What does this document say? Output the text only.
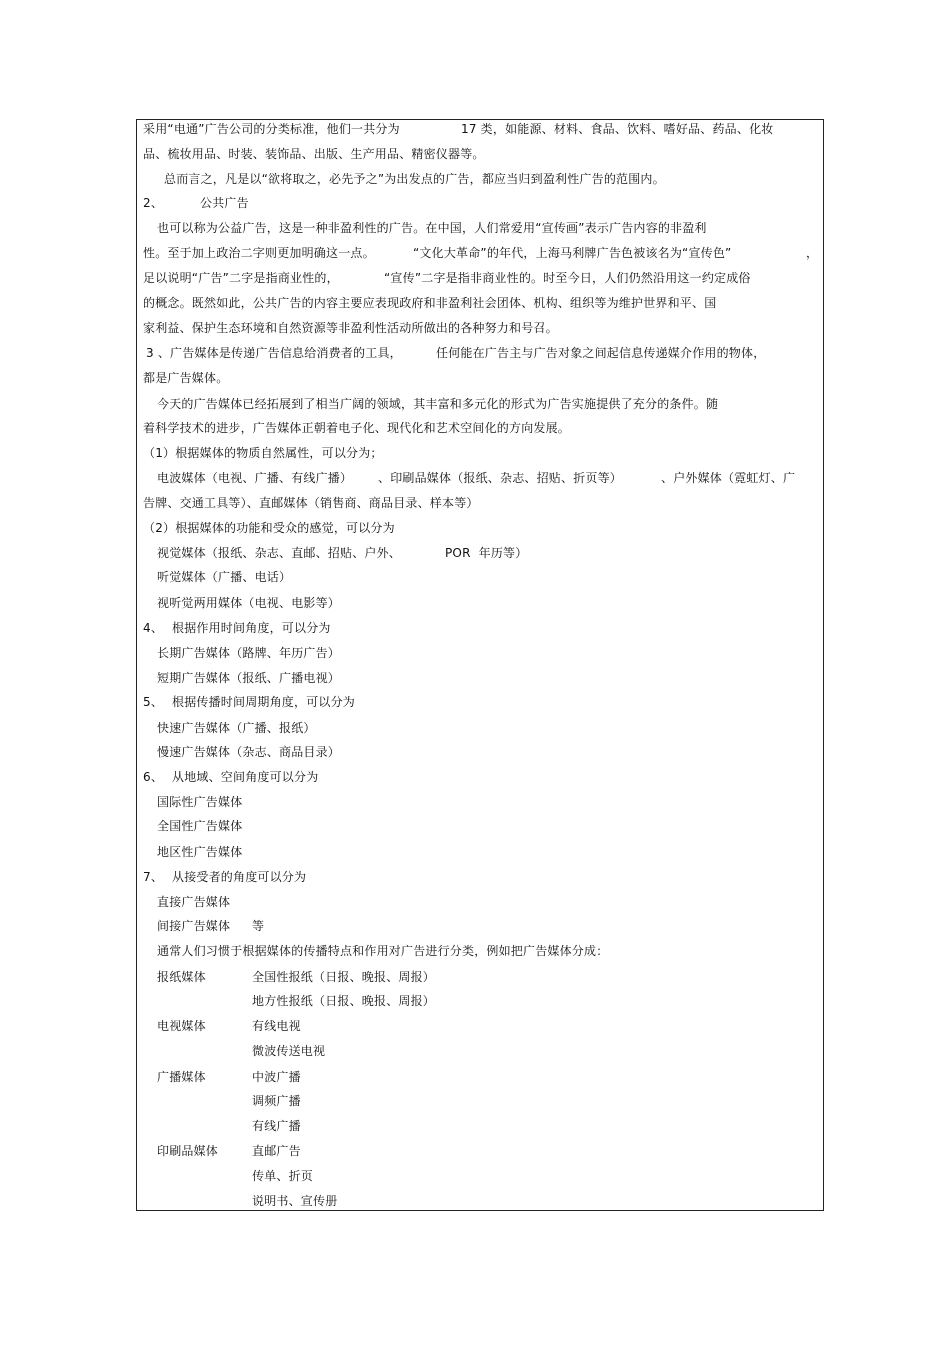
采用“电通”广告公司的分类标准，他们一共分为	17 类，如能源、材料、食品、饮料、嗜好品、药品、化妆
品、梳妆用品、时装、装饰品、出版、生产用品、精密仪器等。
总而言之，凡是以“欲将取之，必先予之”为出发点的广告，都应当归到盈利性广告的范围内。
2、	公共广告
也可以称为公益广告，这是一种非盈利性的广告。在中国，人们常爱用“宣传画”表示广告内容的非盈利
性。至于加上政治二字则更加明确这一点。	“文化大革命”的年代，上海马利牌广告色被该名为“宣传色”	，
足以说明“广告”二字是指商业性的，	“宣传”二字是指非商业性的。时至今日，人们仍然沿用这一约定成俗
的概念。既然如此，公共广告的内容主要应表现政府和非盈利社会团体、机构、组织等为维护世界和平、国
家利益、保护生态环境和自然资源等非盈利性活动所做出的各种努力和号召。
3 、广告媒体是传递广告信息给消费者的工具，	任何能在广告主与广告对象之间起信息传递媒介作用的物体，
都是广告媒体。
今天的广告媒体已经拓展到了相当广阔的领域，其丰富和多元化的形式为广告实施提供了充分的条件。随
着科学技术的进步，广告媒体正朝着电子化、现代化和艺术空间化的方向发展。
（1）根据媒体的物质自然属性，可以分为；
电波媒体（电视、广播、有线广播） 、印刷品媒体（报纸、杂志、招贴、折页等）	、户外媒体（霓虹灯、广
告牌、交通工具等）、直邮媒体（销售商、商品目录、样本等）
（2）根据媒体的功能和受众的感觉，可以分为
视觉媒体（报纸、杂志、直邮、招贴、户外、	POR  年历等）
听觉媒体（广播、电话）
视听觉两用媒体（电视、电影等）
4、 根据作用时间角度，可以分为
长期广告媒体（路牌、年历广告）
短期广告媒体（报纸、广播电视）
5、 根据传播时间周期角度，可以分为
快速广告媒体（广播、报纸）
慢速广告媒体（杂志、商品目录）
6、 从地域、空间角度可以分为
国际性广告媒体
全国性广告媒体
地区性广告媒体
7、 从接受者的角度可以分为
直接广告媒体
间接广告媒体 等
通常人们习惯于根据媒体的传播特点和作用对广告进行分类，例如把广告媒体分成：
报纸媒体	全国性报纸（日报、晚报、周报）
地方性报纸（日报、晚报、周报）
电视媒体	有线电视
微波传送电视
广播媒体	中波广播
调频广播
有线广播
印刷品媒体	直邮广告
传单、折页
说明书、宣传册
